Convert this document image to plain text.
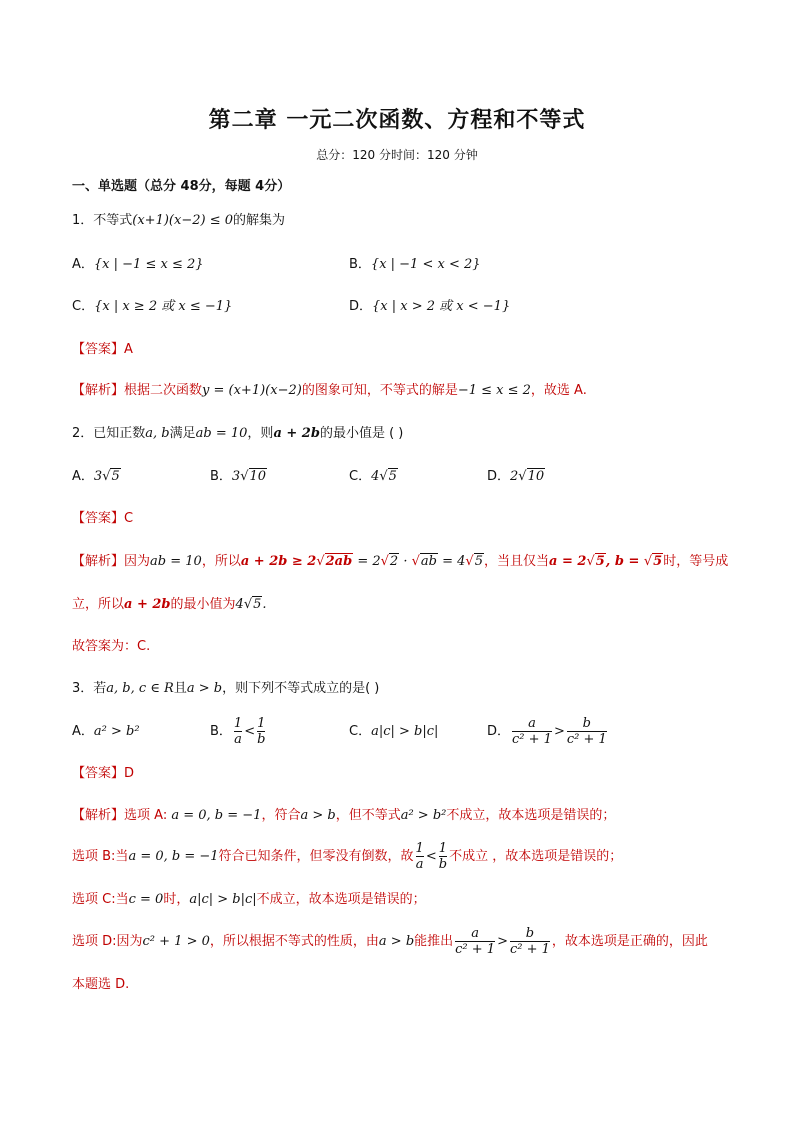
第二章 一元二次函数、方程和不等式
总分：120 分时间：120 分钟
一、单选题（总分 48分，每题 4分）
1．不等式(x+1)(x−2) ≤ 0的解集为
A．{x | −1 ≤ x ≤ 2}	B．{x | −1 < x < 2}
C．{x | x ≥ 2 或 x ≤ −1}	D．{x | x > 2 或 x < −1}
【答案】A
【解析】根据二次函数y = (x+1)(x−2)的图象可知，不等式的解是−1 ≤ x ≤ 2，故选 A.
2．已知正数a, b满足ab = 10，则a + 2b的最小值是 ( )
A．3√5	B．3√10	C．4√5	D．2√10
【答案】C
【解析】因为ab = 10，所以a + 2b ≥ 2√2ab = 2√2 · √ab = 4√5，当且仅当a = 2√5, b = √5时，等号成
立，所以a + 2b的最小值为4√5.
故答案为：C.
3．若a, b, c ∈ R且a > b，则下列不等式成立的是( )
A．a² > b²	B． $\frac{1}{a} < \frac{1}{b}$	C．a|c| > b|c|	D． $\frac{a}{\text{c² + 1}} > \frac{b}{\text{c² + 1}}$
【答案】D
【解析】选项 A: a = 0, b = −1，符合a > b，但不等式a² > b²不成立，故本选项是错误的；
选项 B:当a = 0, b = −1符合已知条件，但零没有倒数，故 $\frac{1}{a} < \frac{1}{b}$ 不成立 ，故本选项是错误的；
选项 C:当c = 0时，a|c| > b|c|不成立，故本选项是错误的；
选项 D:因为c² + 1 > 0，所以根据不等式的性质，由a > b能推出 $\frac{a}{\text{c² + 1}} > \frac{b}{\text{c² + 1}}$ ，故本选项是正确的，因此
本题选 D.
